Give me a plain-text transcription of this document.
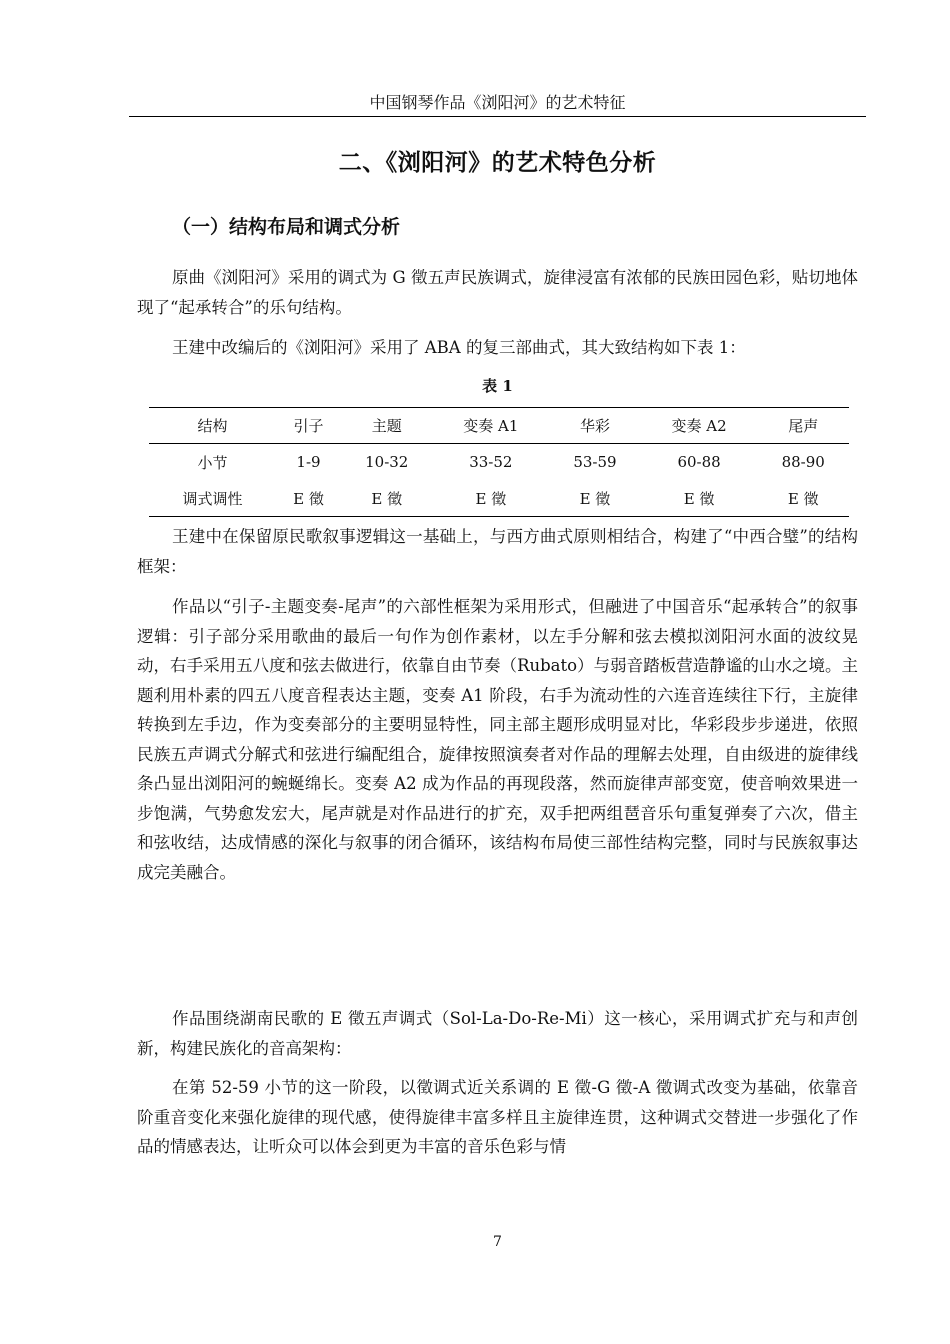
中国钢琴作品《浏阳河》的艺术特征
二、《浏阳河》的艺术特色分析
（一）结构布局和调式分析

原曲《浏阳河》采用的调式为 G 徵五声民族调式，旋律浸富有浓郁的民族田园色彩，贴切地体现了“起承转合”的乐句结构。

王建中改编后的《浏阳河》采用了 ABA 的复三部曲式，其大致结构如下表 1：

表 1
结构	引子	主题	变奏 A1	华彩	变奏 A2	尾声
小节	1-9	10-32	33-52	53-59	60-88	88-90
调式调性	E 徵	E 徵	E 徵	E 徵	E 徵	E 徵

王建中在保留原民歌叙事逻辑这一基础上，与西方曲式原则相结合，构建了“中西合璧”的结构框架：

作品以“引子-主题变奏-尾声”的六部性框架为采用形式，但融进了中国音乐“起承转合”的叙事逻辑：引子部分采用歌曲的最后一句作为创作素材，以左手分解和弦去模拟浏阳河水面的波纹晃动，右手采用五八度和弦去做进行，依靠自由节奏（Rubato）与弱音踏板营造静谧的山水之境。主题利用朴素的四五八度音程表达主题，变奏 A1 阶段，右手为流动性的六连音连续往下行，主旋律转换到左手边，作为变奏部分的主要明显特性，同主部主题形成明显对比，华彩段步步递进，依照民族五声调式分解式和弦进行编配组合，旋律按照演奏者对作品的理解去处理，自由级进的旋律线条凸显出浏阳河的蜿蜒绵长。变奏 A2 成为作品的再现段落，然而旋律声部变宽，使音响效果进一步饱满，气势愈发宏大，尾声就是对作品进行的扩充，双手把两组琶音乐句重复弹奏了六次，借主和弦收结，达成情感的深化与叙事的闭合循环，该结构布局使三部性结构完整，同时与民族叙事达成完美融合。

作品围绕湖南民歌的 E 徵五声调式（Sol-La-Do-Re-Mi）这一核心，采用调式扩充与和声创新，构建民族化的音高架构：

在第 52-59 小节的这一阶段，以徵调式近关系调的 E 徵-G 徵-A 徵调式改变为基础，依靠音阶重音变化来强化旋律的现代感，使得旋律丰富多样且主旋律连贯，这种调式交替进一步强化了作品的情感表达，让听众可以体会到更为丰富的音乐色彩与情

7
